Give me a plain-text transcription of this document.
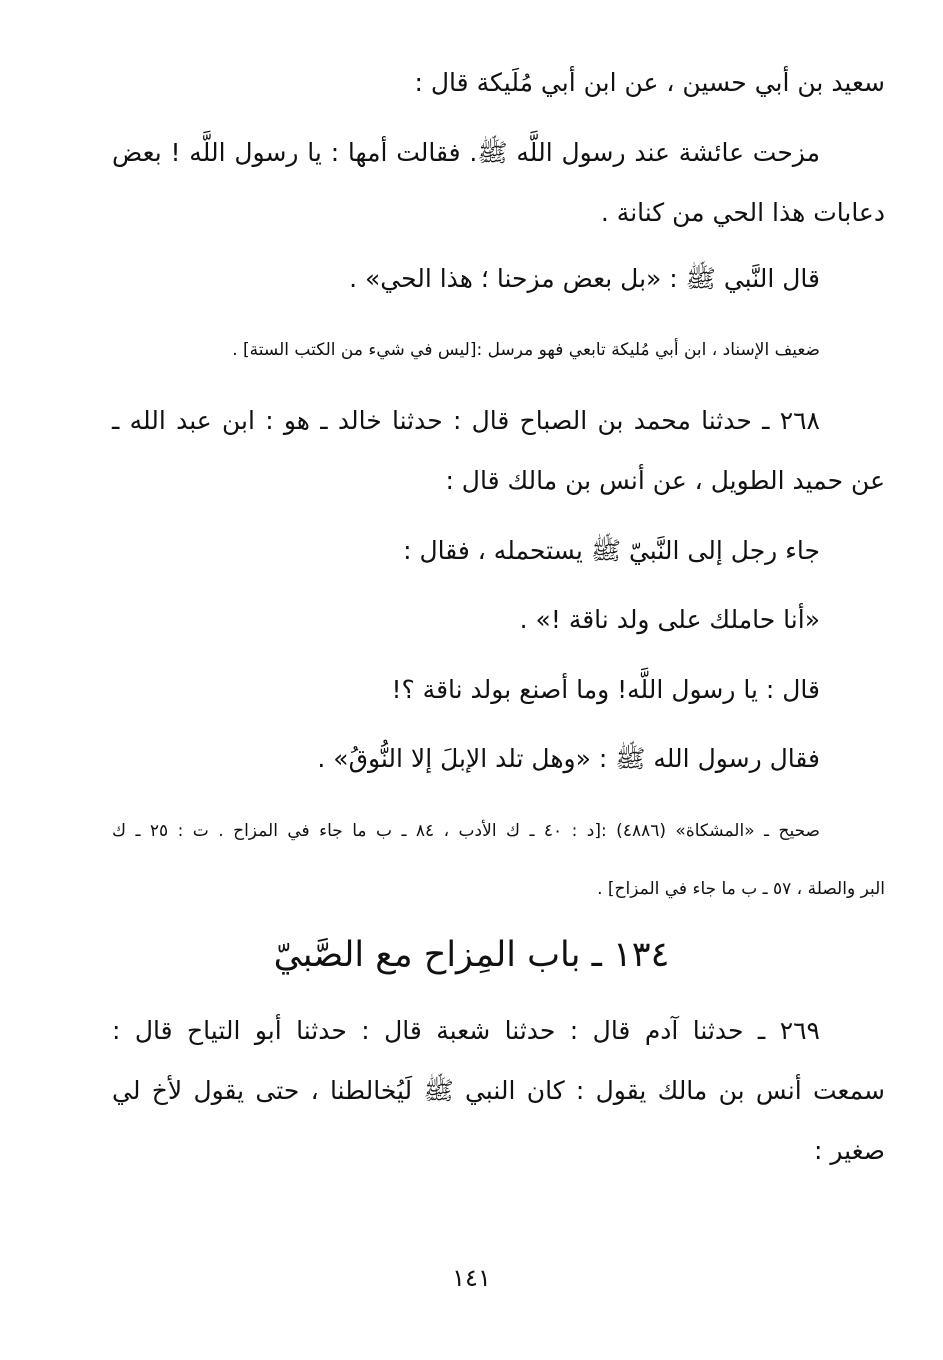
سعيد بن أبي حسين ، عن ابن أبي مُلَيكة قال :
مزحت عائشة عند رسول اللَّه ﷺ. فقالت أمها : يا رسول اللَّه ! بعض
دعابات هذا الحي من كنانة .
قال النَّبي ﷺ : «بل بعض مزحنا ؛ هذا الحي» .
ضعيف الإسناد ، ابن أبي مُليكة تابعي فهو مرسل :[ليس في شيء من الكتب الستة] .
٢٦٨ ـ حدثنا محمد بن الصباح قال : حدثنا خالد ـ هو : ابن عبد الله ـ
عن حميد الطويل ، عن أنس بن مالك قال :
جاء رجل إلى النَّبيّ ﷺ يستحمله ، فقال :
«أنا حاملك على ولد ناقة !» .
قال : يا رسول اللَّه! وما أصنع بولد ناقة ؟!
فقال رسول الله ﷺ : «وهل تلد الإبلَ إلا النُّوقُ» .
صحيح ـ «المشكاة» (٤٨٨٦) :[د : ٤٠ ـ ك الأدب ، ٨٤ ـ ب ما جاء في المزاح . ت : ٢٥ ـ ك
البر والصلة ، ٥٧ ـ ب ما جاء في المزاح] .
١٣٤ ـ باب المِزاح مع الصَّبيّ
٢٦٩ ـ حدثنا آدم قال : حدثنا شعبة قال : حدثنا أبو التياح قال :
سمعت أنس بن مالك يقول : كان النبي ﷺ لَيُخالطنا ، حتى يقول لأخ لي
صغير :
١٤١
